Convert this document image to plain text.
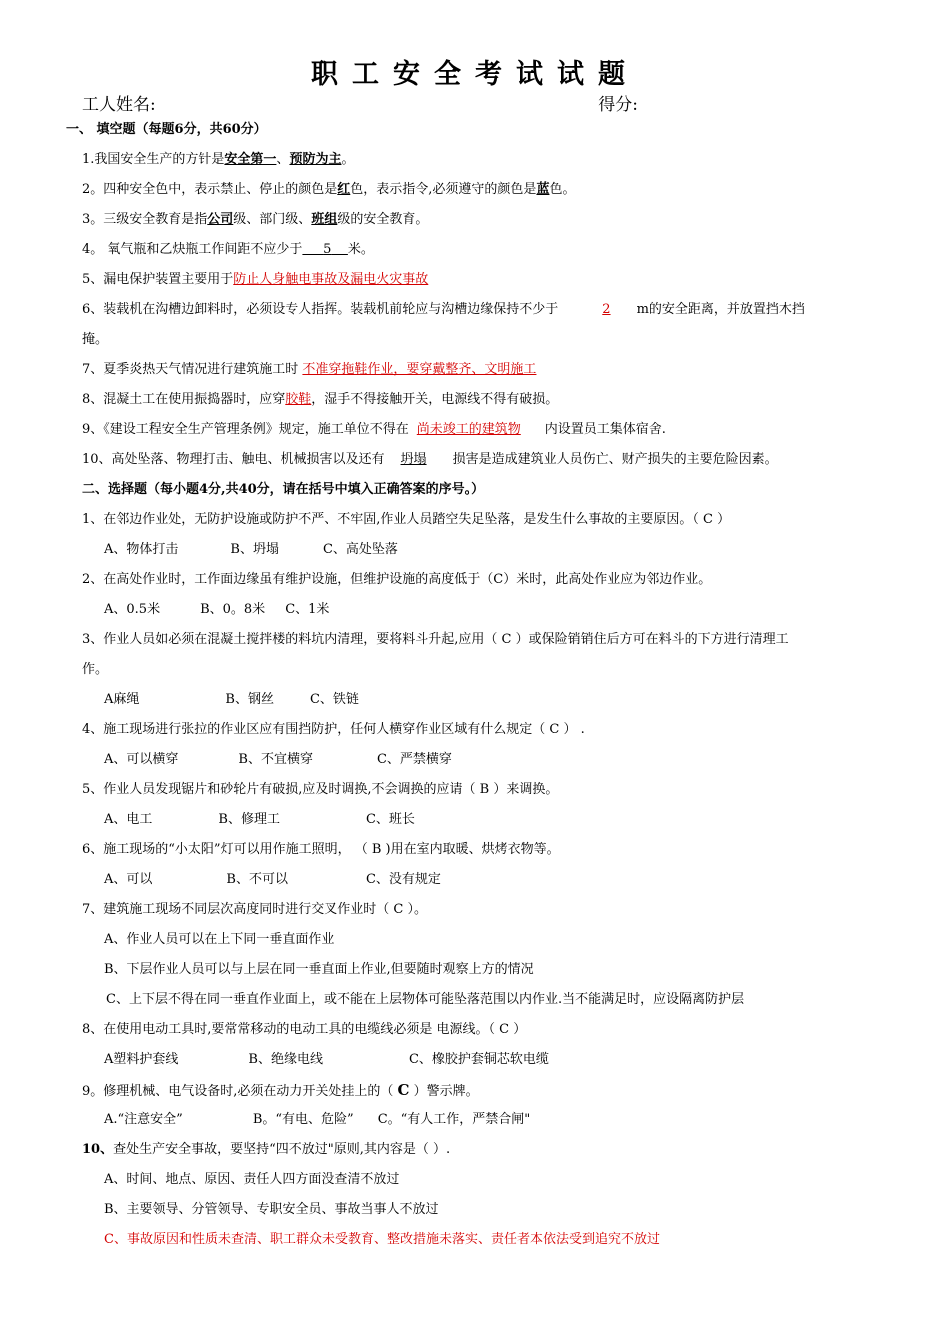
职工安全考试试题
工人姓名:	得分:
一、 填空题（每题6分，共60分）
1.我国安全生产的方针是安全第一、预防为主。
2。四种安全色中，表示禁止、停止的颜色是红色，表示指令,必须遵守的颜色是蓝色。
3。三级安全教育是指公司级、部门级、班组级的安全教育。
4。 氧气瓶和乙炔瓶工作间距不应少于 5 米。
5、漏电保护装置主要用于防止人身触电事故及漏电火灾事故
6、装载机在沟槽边卸料时，必须设专人指挥。装载机前轮应与沟槽边缘保持不少于	2 m的安全距离，并放置挡木挡
掩。
7、夏季炎热天气情况进行建筑施工时 不准穿拖鞋作业，要穿戴整齐、文明施工
8、混凝土工在使用振捣器时，应穿胶鞋，湿手不得接触开关，电源线不得有破损。
9、《建设工程安全生产管理条例》规定，施工单位不得在 尚未竣工的建筑物 内设置员工集体宿舍.
10、高处坠落、物理打击、触电、机械损害以及还有 坍塌 损害是造成建筑业人员伤亡、财产损失的主要危险因素。
二、选择题（每小题4分,共40分，请在括号中填入正确答案的序号。）
1、在邻边作业处，无防护设施或防护不严、不牢固,作业人员踏空失足坠落，是发生什么事故的主要原因。（ C ）
A、物体打击	B、坍塌	C、高处坠落
2、在高处作业时，工作面边缘虽有维护设施，但维护设施的高度低于（C）米时，此高处作业应为邻边作业。
A、0.5米	B、0。8米 C、1米
3、作业人员如必须在混凝土搅拌楼的料坑内清理，要将料斗升起,应用（ C ）或保险销销住后方可在料斗的下方进行清理工
作。
A麻绳	B、钢丝	C、铁链
4、施工现场进行张拉的作业区应有围挡防护，任何人横穿作业区域有什么规定（ C ） .
A、可以横穿	B、不宜横穿	C、严禁横穿
5、作业人员发现锯片和砂轮片有破损,应及时调换,不会调换的应请（ B ）来调换。
A、电工	B、修理工	C、班长
6、施工现场的“小太阳”灯可以用作施工照明， （ B )用在室内取暖、烘烤衣物等。
A、可以	B、不可以	C、没有规定
7、建筑施工现场不同层次高度同时进行交叉作业时（ C ）。
A、作业人员可以在上下同一垂直面作业
B、下层作业人员可以与上层在同一垂直面上作业,但要随时观察上方的情况
C、上下层不得在同一垂直作业面上，或不能在上层物体可能坠落范围以内作业.当不能满足时，应设隔离防护层
8、在使用电动工具时,要常常移动的电动工具的电缆线必须是 电源线。（ C ）
A塑料护套线	B、绝缘电线	C、橡胶护套铜芯软电缆
9。修理机械、电气设备时,必须在动力开关处挂上的（ C ）警示牌。
A.“注意安全”	B。“有电、危险” C。“有人工作，严禁合闸"
10、查处生产安全事故，要坚持“四不放过"原则,其内容是（ ）.
A、时间、地点、原因、责任人四方面没查清不放过
B、主要领导、分管领导、专职安全员、事故当事人不放过
C、事故原因和性质未查清、职工群众未受教育、整改措施未落实、责任者本依法受到追究不放过
